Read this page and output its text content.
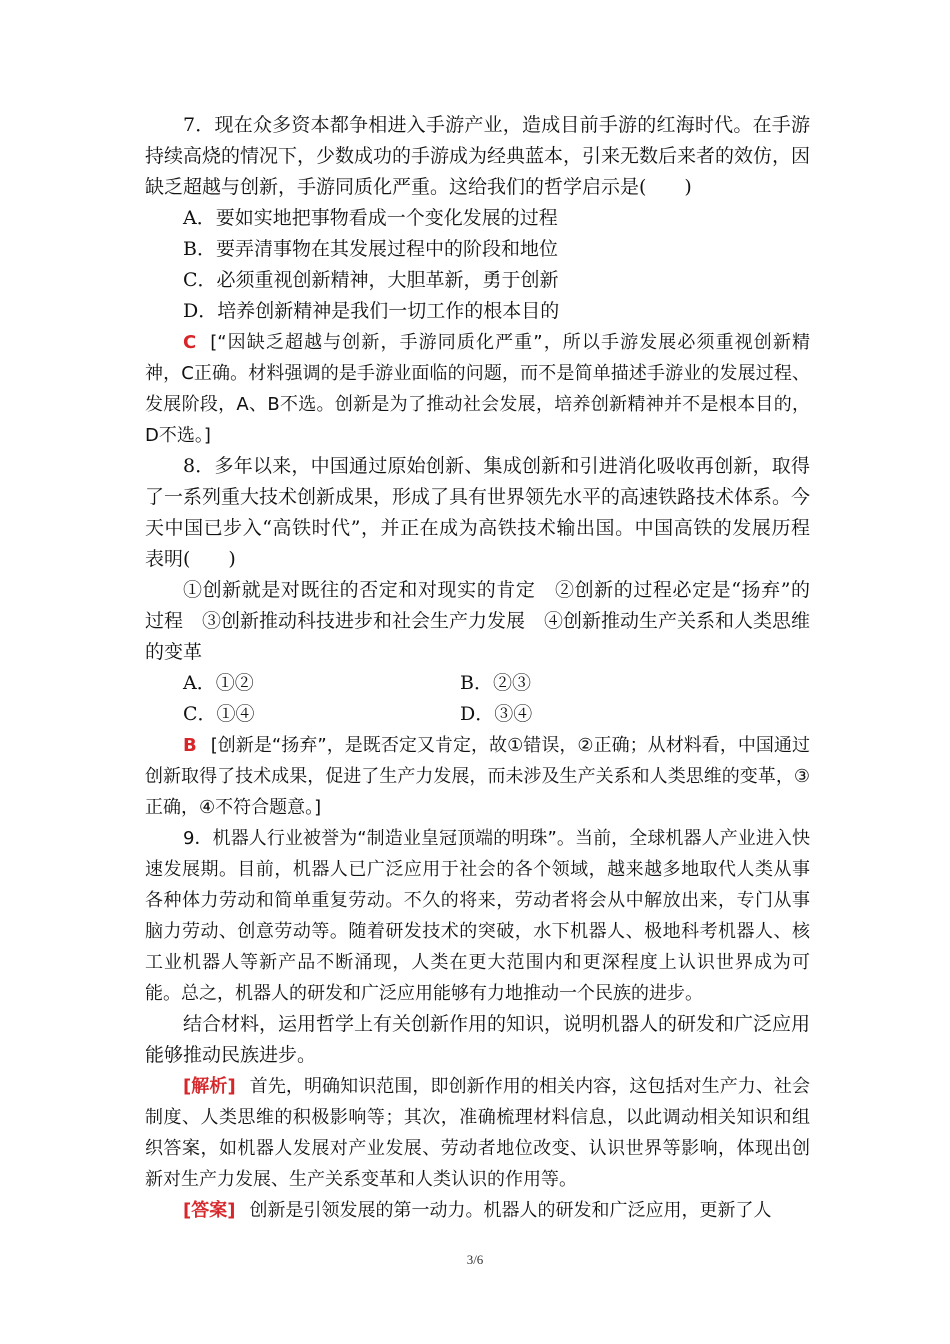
7．现在众多资本都争相进入手游产业，造成目前手游的红海时代。在手游持续高烧的情况下，少数成功的手游成为经典蓝本，引来无数后来者的效仿，因缺乏超越与创新，手游同质化严重。这给我们的哲学启示是(　　)

A．要如实地把事物看成一个变化发展的过程

B．要弄清事物在其发展过程中的阶段和地位

C．必须重视创新精神，大胆革新，勇于创新

D．培养创新精神是我们一切工作的根本目的

C [“因缺乏超越与创新，手游同质化严重”，所以手游发展必须重视创新精神，C正确。材料强调的是手游业面临的问题，而不是简单描述手游业的发展过程、发展阶段，A、B不选。创新是为了推动社会发展，培养创新精神并不是根本目的，D不选。]

8．多年以来，中国通过原始创新、集成创新和引进消化吸收再创新，取得了一系列重大技术创新成果，形成了具有世界领先水平的高速铁路技术体系。今天中国已步入“高铁时代”，并正在成为高铁技术输出国。中国高铁的发展历程表明(　　)

①创新就是对既往的否定和对现实的肯定　②创新的过程必定是“扬弃”的过程　③创新推动科技进步和社会生产力发展　④创新推动生产关系和人类思维的变革

A．①②	B．②③
C．①④	D．③④

B [创新是“扬弃”，是既否定又肯定，故①错误，②正确；从材料看，中国通过创新取得了技术成果，促进了生产力发展，而未涉及生产关系和人类思维的变革，③正确，④不符合题意。]

9．机器人行业被誉为“制造业皇冠顶端的明珠”。当前，全球机器人产业进入快速发展期。目前，机器人已广泛应用于社会的各个领域，越来越多地取代人类从事各种体力劳动和简单重复劳动。不久的将来，劳动者将会从中解放出来，专门从事脑力劳动、创意劳动等。随着研发技术的突破，水下机器人、极地科考机器人、核工业机器人等新产品不断涌现，人类在更大范围内和更深程度上认识世界成为可能。总之，机器人的研发和广泛应用能够有力地推动一个民族的进步。

结合材料，运用哲学上有关创新作用的知识，说明机器人的研发和广泛应用能够推动民族进步。

[解析] 首先，明确知识范围，即创新作用的相关内容，这包括对生产力、社会制度、人类思维的积极影响等；其次，准确梳理材料信息，以此调动相关知识和组织答案，如机器人发展对产业发展、劳动者地位改变、认识世界等影响，体现出创新对生产力发展、生产关系变革和人类认识的作用等。

[答案] 创新是引领发展的第一动力。机器人的研发和广泛应用，更新了人

3/6
